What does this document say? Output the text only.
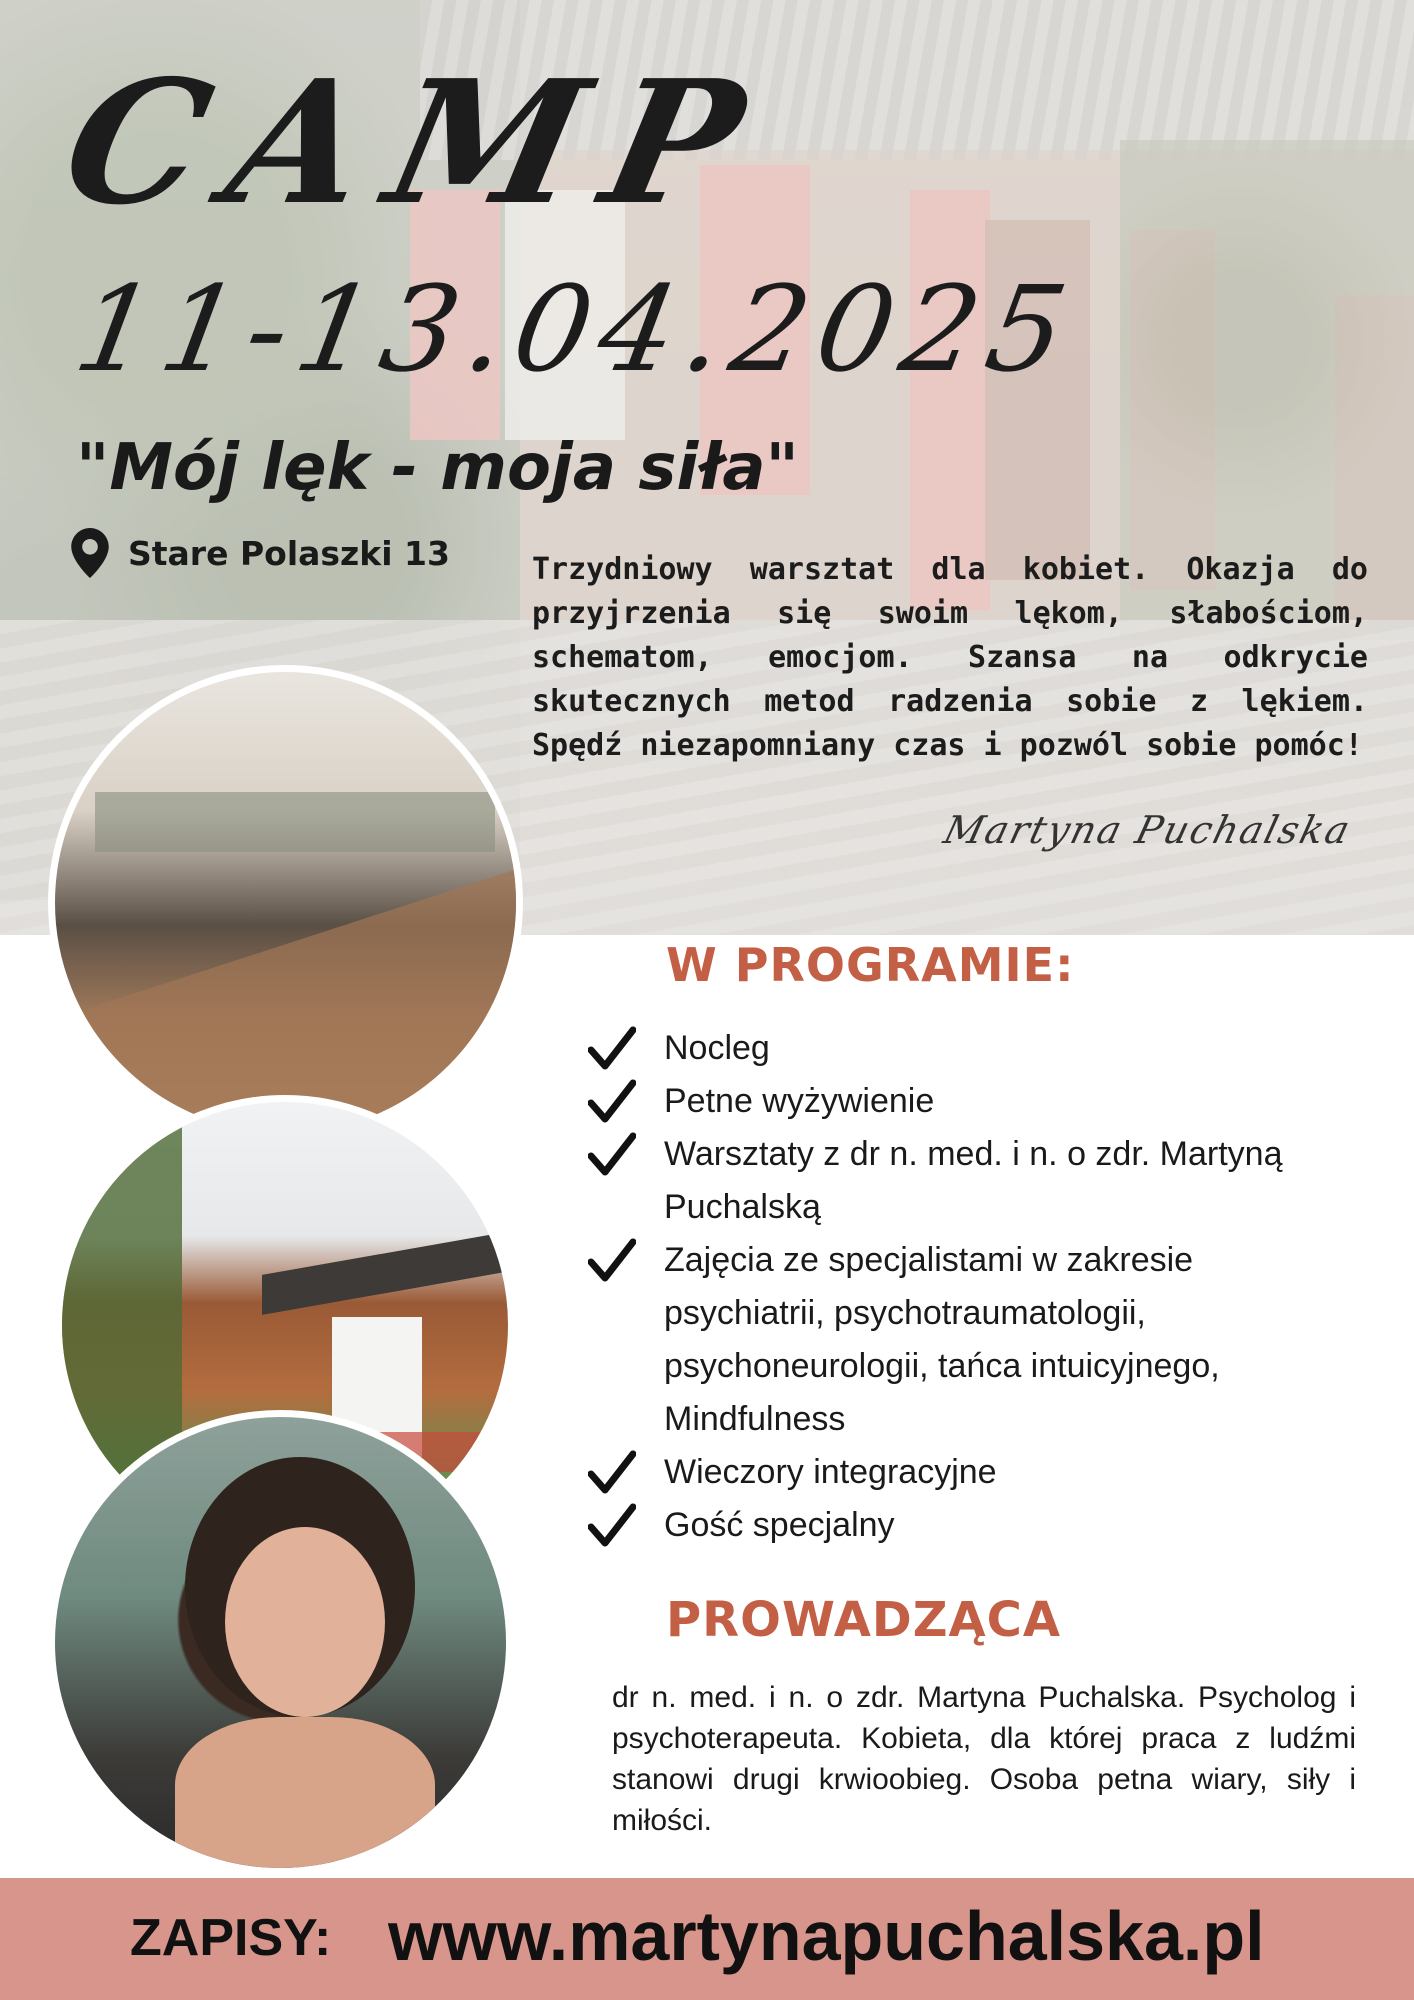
CAMP
11-13.04.2025
"Mój lęk - moja siła"
Stare Polaszki 13	Trzydniowy warsztat dla kobiet. Okazja do przyjrzenia się swoim lękom, słabościom, schematom, emocjom. Szansa na odkrycie skutecznych metod radzenia sobie z lękiem. Spędź niezapomniany czas i pozwól sobie pomóc!
Martyna Puchalska
W PROGRAMIE:
Nocleg
Petne wyżywienie
Warsztaty z dr n. med. i n. o zdr. Martyną Puchalską
Zajęcia ze specjalistami w zakresie psychiatrii, psychotraumatologii, psychoneurologii, tańca intuicyjnego, Mindfulness
Wieczory integracyjne
Gość specjalny
PROWADZĄCA
dr n. med. i n. o zdr. Martyna Puchalska. Psycholog i psychoterapeuta. Kobieta, dla której praca z ludźmi stanowi drugi krwioobieg. Osoba petna wiary, siły i miłości.
ZAPISY: www.martynapuchalska.pl
